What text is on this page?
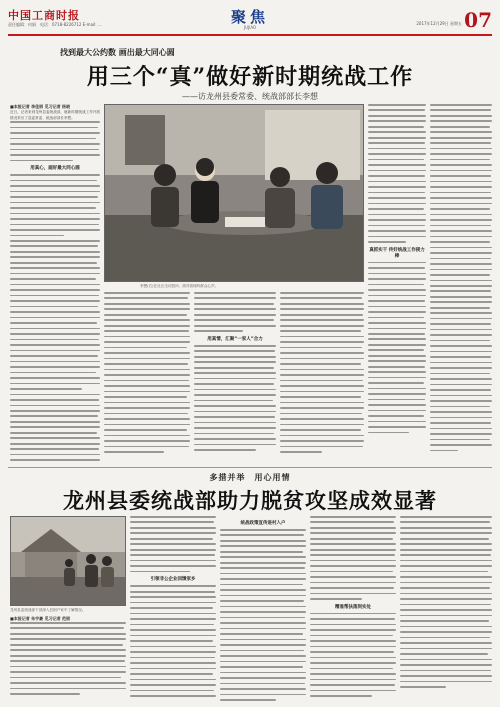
中国工商时报
责任编辑：何娟　电话：0718-8226712 E-mail: ...	聚焦
JUJIAO
2017年12月29日 星期五 07
找到最大公约数 画出最大同心圆
用三个“真”做好新时期统战工作
——访龙州县委常委、统战部部长李想
■本报记者 李佳丽 见习记者 杨晓
近日，记者来到龙州县委统战部，就新时期统战工作开展情况采访了县委常委、统战部部长李想。
用真心，画好最大同心圆
李想(右)在社区走访慰问，面对面倾听群众心声。
用真情，汇聚“一家人”合力
真抓实干 传好统战工作接力棒
多措并举　用心用情
龙州县委统战部助力脱贫攻坚成效显著
龙州县委统战部干部深入贫困户家中了解情况。
■本报记者 朱宇豪 见习记者 范丽
引领非公企业回馈家乡
统战政策宣传进村入户
精准帮扶落到实处
